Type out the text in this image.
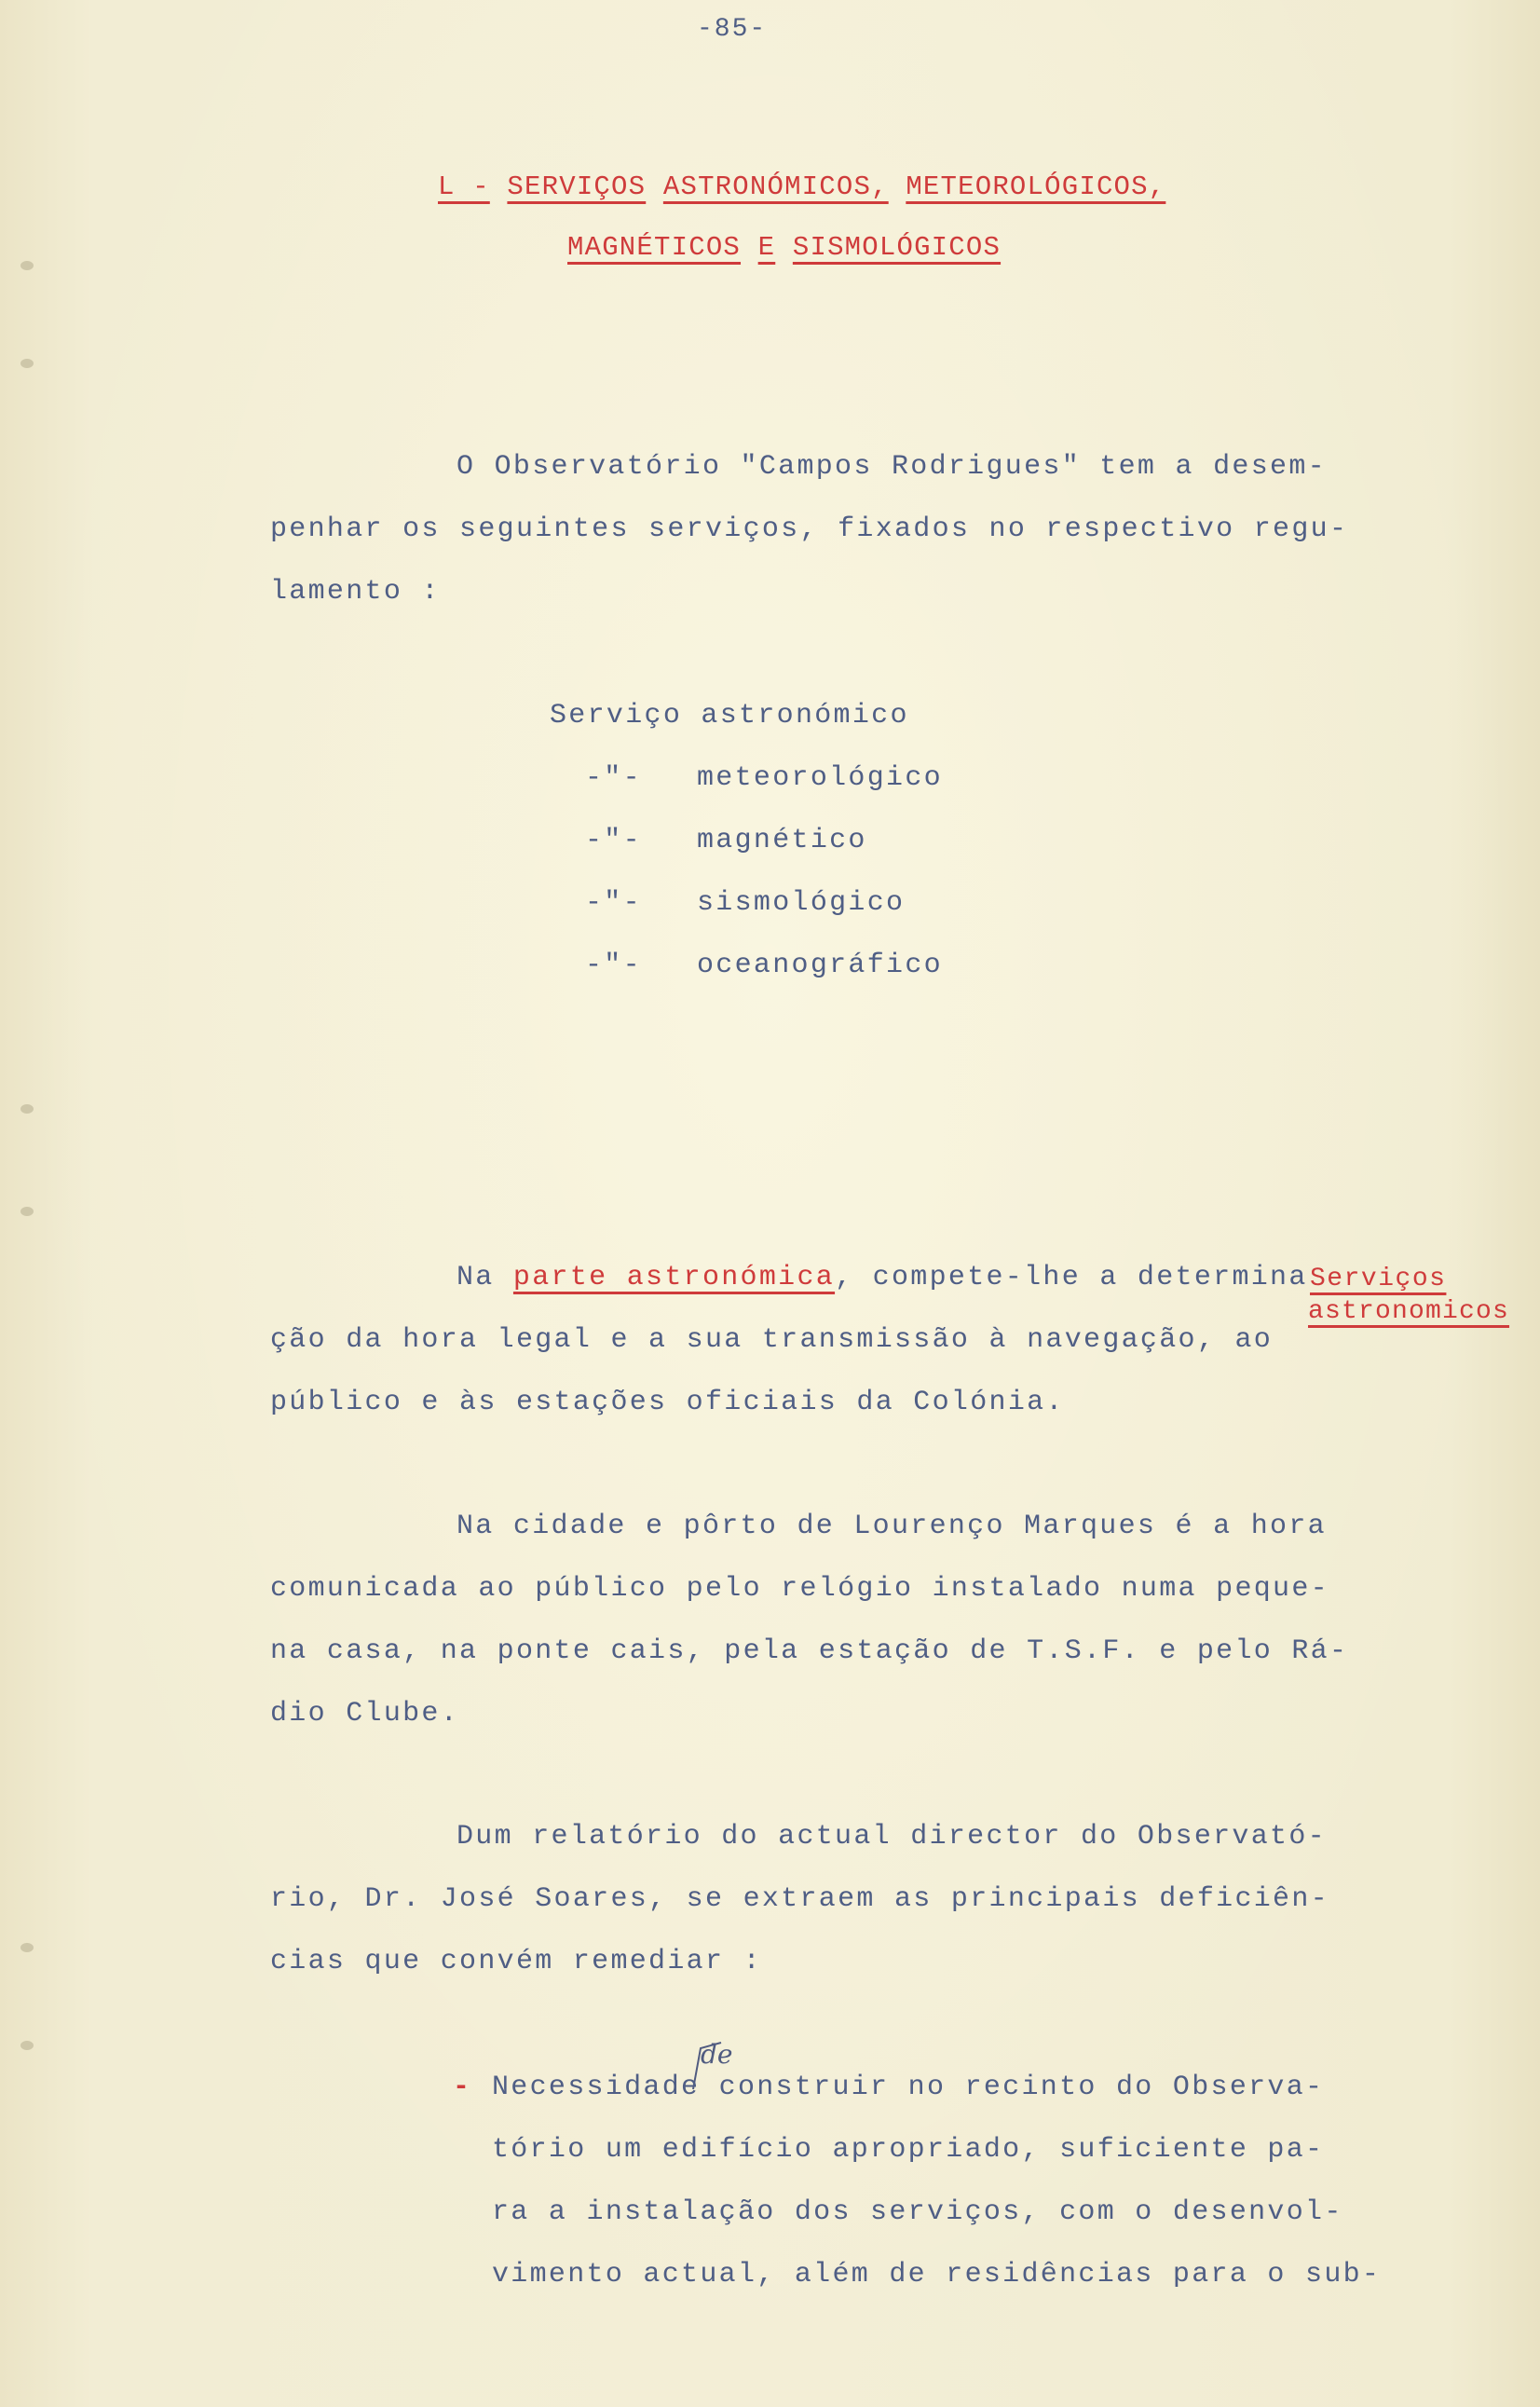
-85-
L - SERVIÇOS ASTRONÓMICOS, METEOROLÓGICOS,
MAGNÉTICOS E SISMOLÓGICOS
O Observatório "Campos Rodrigues" tem a desem-
penhar os seguintes serviços, fixados no respectivo regu-
lamento :
Serviço astronómico
-"- meteorológico
-"- magnético
-"- sismológico
-"- oceanográfico
Na parte astronómica, compete-lhe a determina
ção da hora legal e a sua transmissão à navegação, ao
público e às estações oficiais da Colónia.
Serviços
astronomicos
Na cidade e pôrto de Lourenço Marques é a hora
comunicada ao público pelo relógio instalado numa peque-
na casa, na ponte cais, pela estação de T.S.F. e pelo Rá-
dio Clube.
Dum relatório do actual director do Observató-
rio, Dr. José Soares, se extraem as principais deficiên-
cias que convém remediar :
-
de
Necessidade construir no recinto do Observa-
tório um edifício apropriado, suficiente pa-
ra a instalação dos serviços, com o desenvol-
vimento actual, além de residências para o sub-
